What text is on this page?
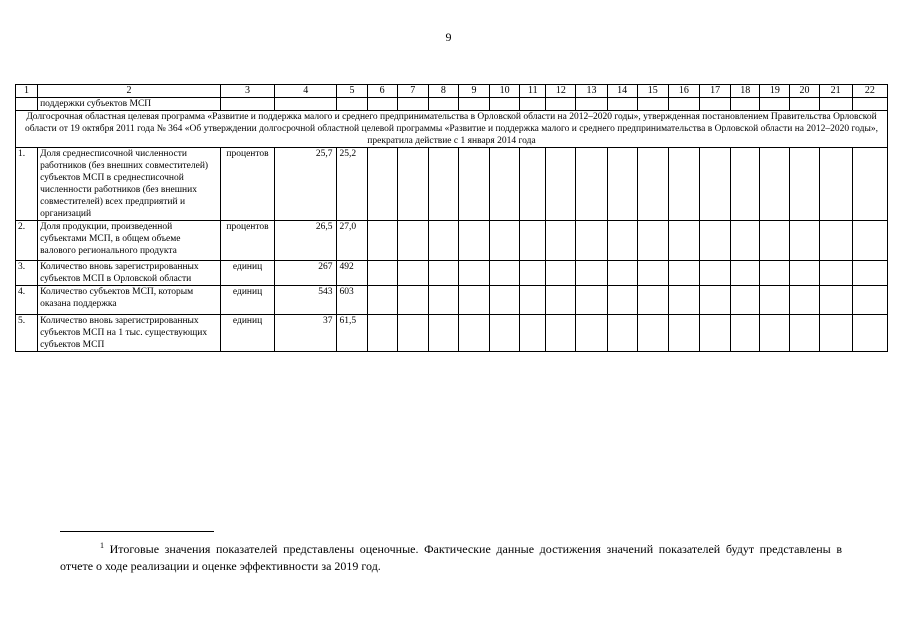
9
1	2	3	4	5	6	7	8	9	10	11	12	13	14	15	16	17	18	19	20	21	22
	поддержки субъектов МСП																				
Долгосрочная областная целевая программа «Развитие и поддержка малого и среднего предпринимательства в Орловской области на 2012–2020 годы», утвержденная постановлением Правительства Орловской области от 19 октября 2011 года № 364 «Об утверждении долгосрочной областной целевой программы «Развитие и поддержка малого и среднего предпринимательства в Орловской области на 2012–2020 годы», прекратила действие с 1 января 2014 года																					
1.	Доля среднесписочной численности работников (без внешних совместителей) субъектов МСП в среднесписочной численности работников (без внешних совместителей) всех предприятий и организаций	процентов	25,7	25,2																	
2.	Доля продукции, произведенной субъектами МСП, в общем объеме валового регионального продукта	процентов	26,5	27,0																	
3.	Количество вновь зарегистрированных субъектов МСП в Орловской области	единиц	267	492																	
4.	Количество субъектов МСП, которым оказана поддержка	единиц	543	603																	
5.	Количество вновь зарегистрированных субъектов МСП на 1 тыс. существующих субъектов МСП	единиц	37	61,5																	
$^1$ Итоговые значения показателей представлены оценочные. Фактические данные достижения значений показателей будут представлены в отчете о ходе реализации и оценке эффективности за 2019 год.
